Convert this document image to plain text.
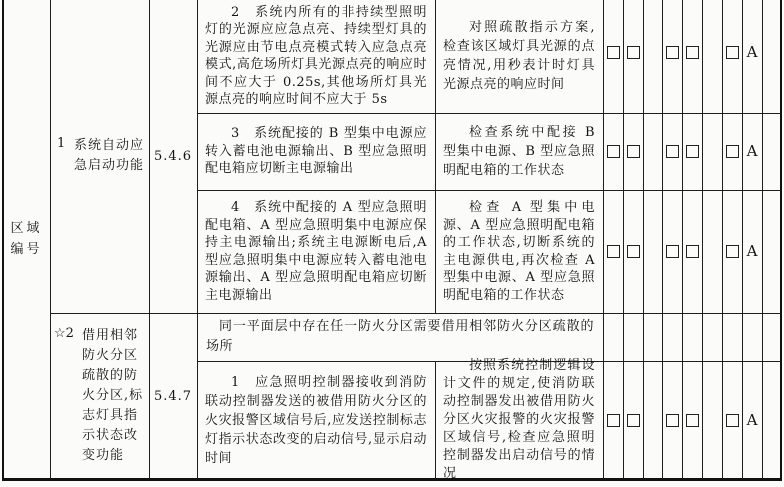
区域编号
1 系统自动应急启动功能
5.4.6
2　系统内所有的非持续型照明灯的光源应应急点亮、持续型灯具的光源应由节电点亮模式转入应急点亮模式,高危场所灯具光源点亮的响应时间不应大于 0.25s,其他场所灯具光源点亮的响应时间不应大于 5s
对照疏散指示方案,检查该区域灯具光源的点亮情况,用秒表计时灯具光源点亮的响应时间
A
3　系统配接的 B 型集中电源应转入蓄电池电源输出、B 型应急照明配电箱应切断主电源输出
检查系统中配接 B 型集中电源、B 型应急照明配电箱的工作状态
A
4　系统中配接的 A 型应急照明配电箱、A 型应急照明集中电源应保持主电源输出;系统主电源断电后,A 型应急照明集中电源应转入蓄电池电源输出、A 型应急照明配电箱应切断主电源输出
检查 A 型集中电源、A 型应急照明配电箱的工作状态,切断系统的主电源供电,再次检查 A 型集中电源、A 型应急照明配电箱的工作状态
A
☆2 借用相邻防火分区疏散的防火分区,标志灯具指示状态改变功能
5.4.7
同一平面层中存在任一防火分区需要借用相邻防火分区疏散的场所
1　应急照明控制器接收到消防联动控制器发送的被借用防火分区的火灾报警区域信号后,应发送控制标志灯指示状态改变的启动信号,显示启动时间
按照系统控制逻辑设计文件的规定,使消防联动控制器发出被借用防火分区火灾报警的火灾报警区域信号,检查应急照明控制器发出启动信号的情况
A
